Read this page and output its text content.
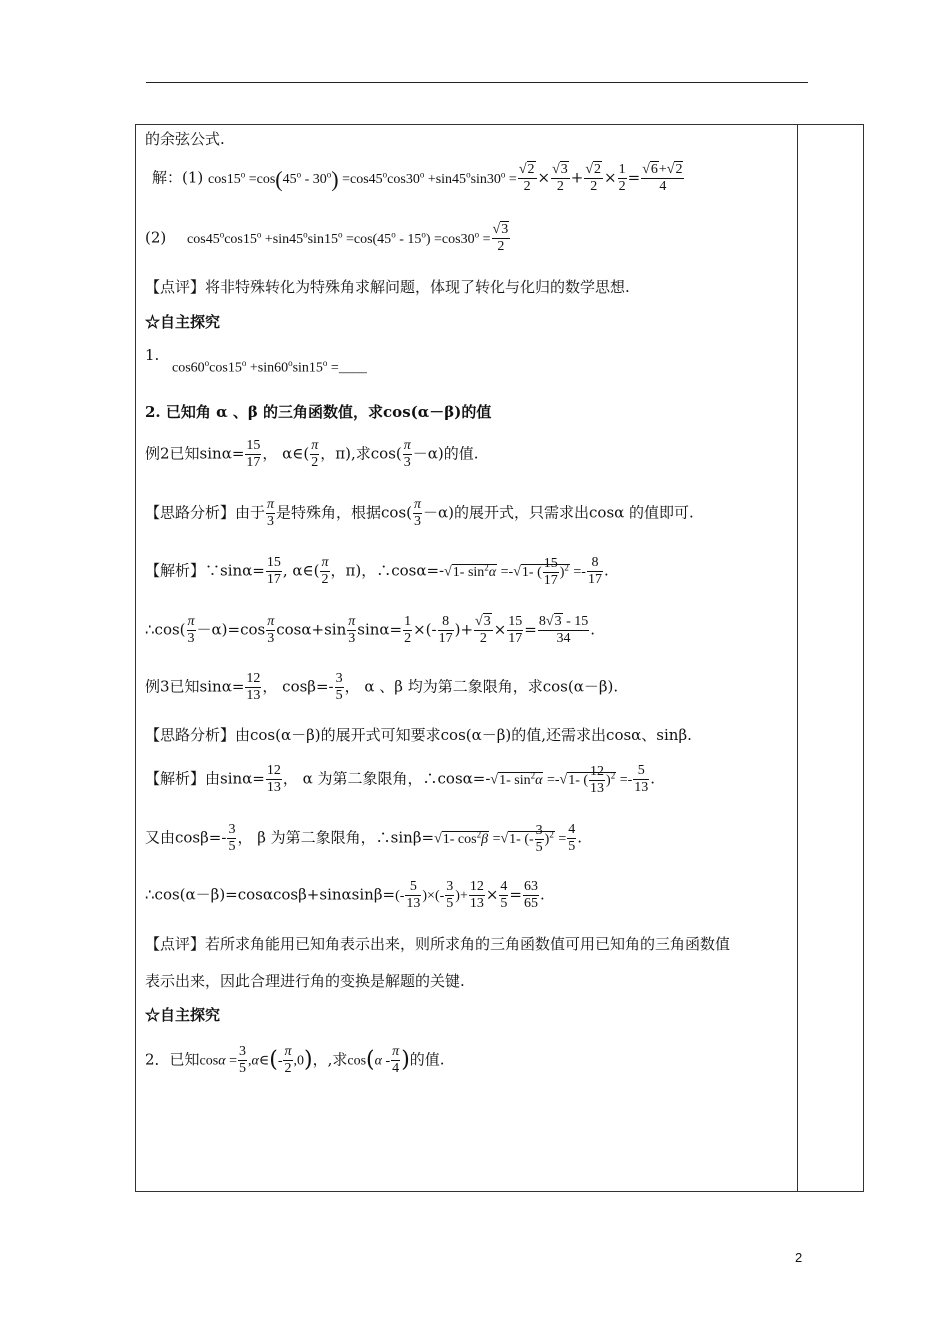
的余弦公式.
解：(1) $\cos 15^o =\cos(45^o - 30^o) =\cos 45^o\cos 30^o +\sin 45^o\sin 30^o = \frac{√2}{2} \times \frac{√3}{2} + \frac{√2}{2} \times \frac{1}{2} = \frac{√6+√2}{4}$
(2) $\cos 45^o\cos 15^o +\sin 45^o\sin 15^o =\cos(45^o - 15^o) =\cos 30^o = \frac{√3}{2}$
【点评】将非特殊转化为特殊角求解问题，体现了转化与化归的数学思想.
☆自主探究
1.
$\cos 60^o\cos 15^o +\sin 60^o\sin 15^o$ =____
2. 已知角 α 、β 的三角函数值，求cos(α－β)的值
例2已知$\sin\alpha= \frac{15}{17}$ ， α∈( $\frac{\pi}{2}$ ，π),求$\cos( \frac{\pi}{3} -\alpha)$的值.
【思路分析】由于 $\frac{\pi}{3}$ 是特殊角，根据$\cos( \frac{\pi}{3} -\alpha)$的展开式，只需求出cosα 的值即可.
【解析】∵sinα= $\frac{15}{17}$ , α∈( $\frac{\pi}{2}$ ，π)，∴cosα=-√1- $\sin^2\alpha =-√1-$ ( $\frac{15}{17} )^2 =- \frac{8}{17}$ .
∴cos( $\frac{\pi}{3} -\alpha)=\cos \frac{\pi}{3} \cos\alpha+\sin \frac{\pi}{3} \sin\alpha= \frac{1}{2}$ ×(- $\frac{8}{17}$ )+ $\frac{√3}{2} \times \frac{15}{17} = \frac{8√3 - 15}{34}$ .
例3已知$\sin\alpha= \frac{12}{13}$ ， $\cos\beta=- \frac{3}{5}$ ， α 、β 均为第二象限角，求cos(α－β).
【思路分析】由cos(α－β)的展开式可知要求cos(α－β)的值,还需求出cosα、sinβ.
【解析】由$\sin\alpha= \frac{12}{13}$ ， α 为第二象限角，∴cosα=-√1- $\sin^2\alpha =-√1-$ ( $\frac{12}{13} )^2 =- \frac{5}{13}$ .
又由$\cos\beta=- \frac{3}{5}$ ， β 为第二象限角，∴sinβ=√1- $\cos^2\beta =√1-$ (- $\frac{3}{5} )^2 = \frac{4}{5}$ .
∴cos(α－β)=cosαcosβ+sinαsinβ=(- $\frac{5}{13}$ )×(- $\frac{3}{5}$ )+ $\frac{12}{13} \times \frac{4}{5} = \frac{63}{65}$ .
【点评】若所求角能用已知角表示出来，则所求角的三角函数值可用已知角的三角函数值
表示出来，因此合理进行角的变换是解题的关键.
☆自主探究
2．已知$\cos\alpha = \frac{3}{5}$ ,α∈(- $\frac{\pi}{2} ,0$)，,求$\cos(\alpha - \frac{\pi}{4}$ )的值.
2
